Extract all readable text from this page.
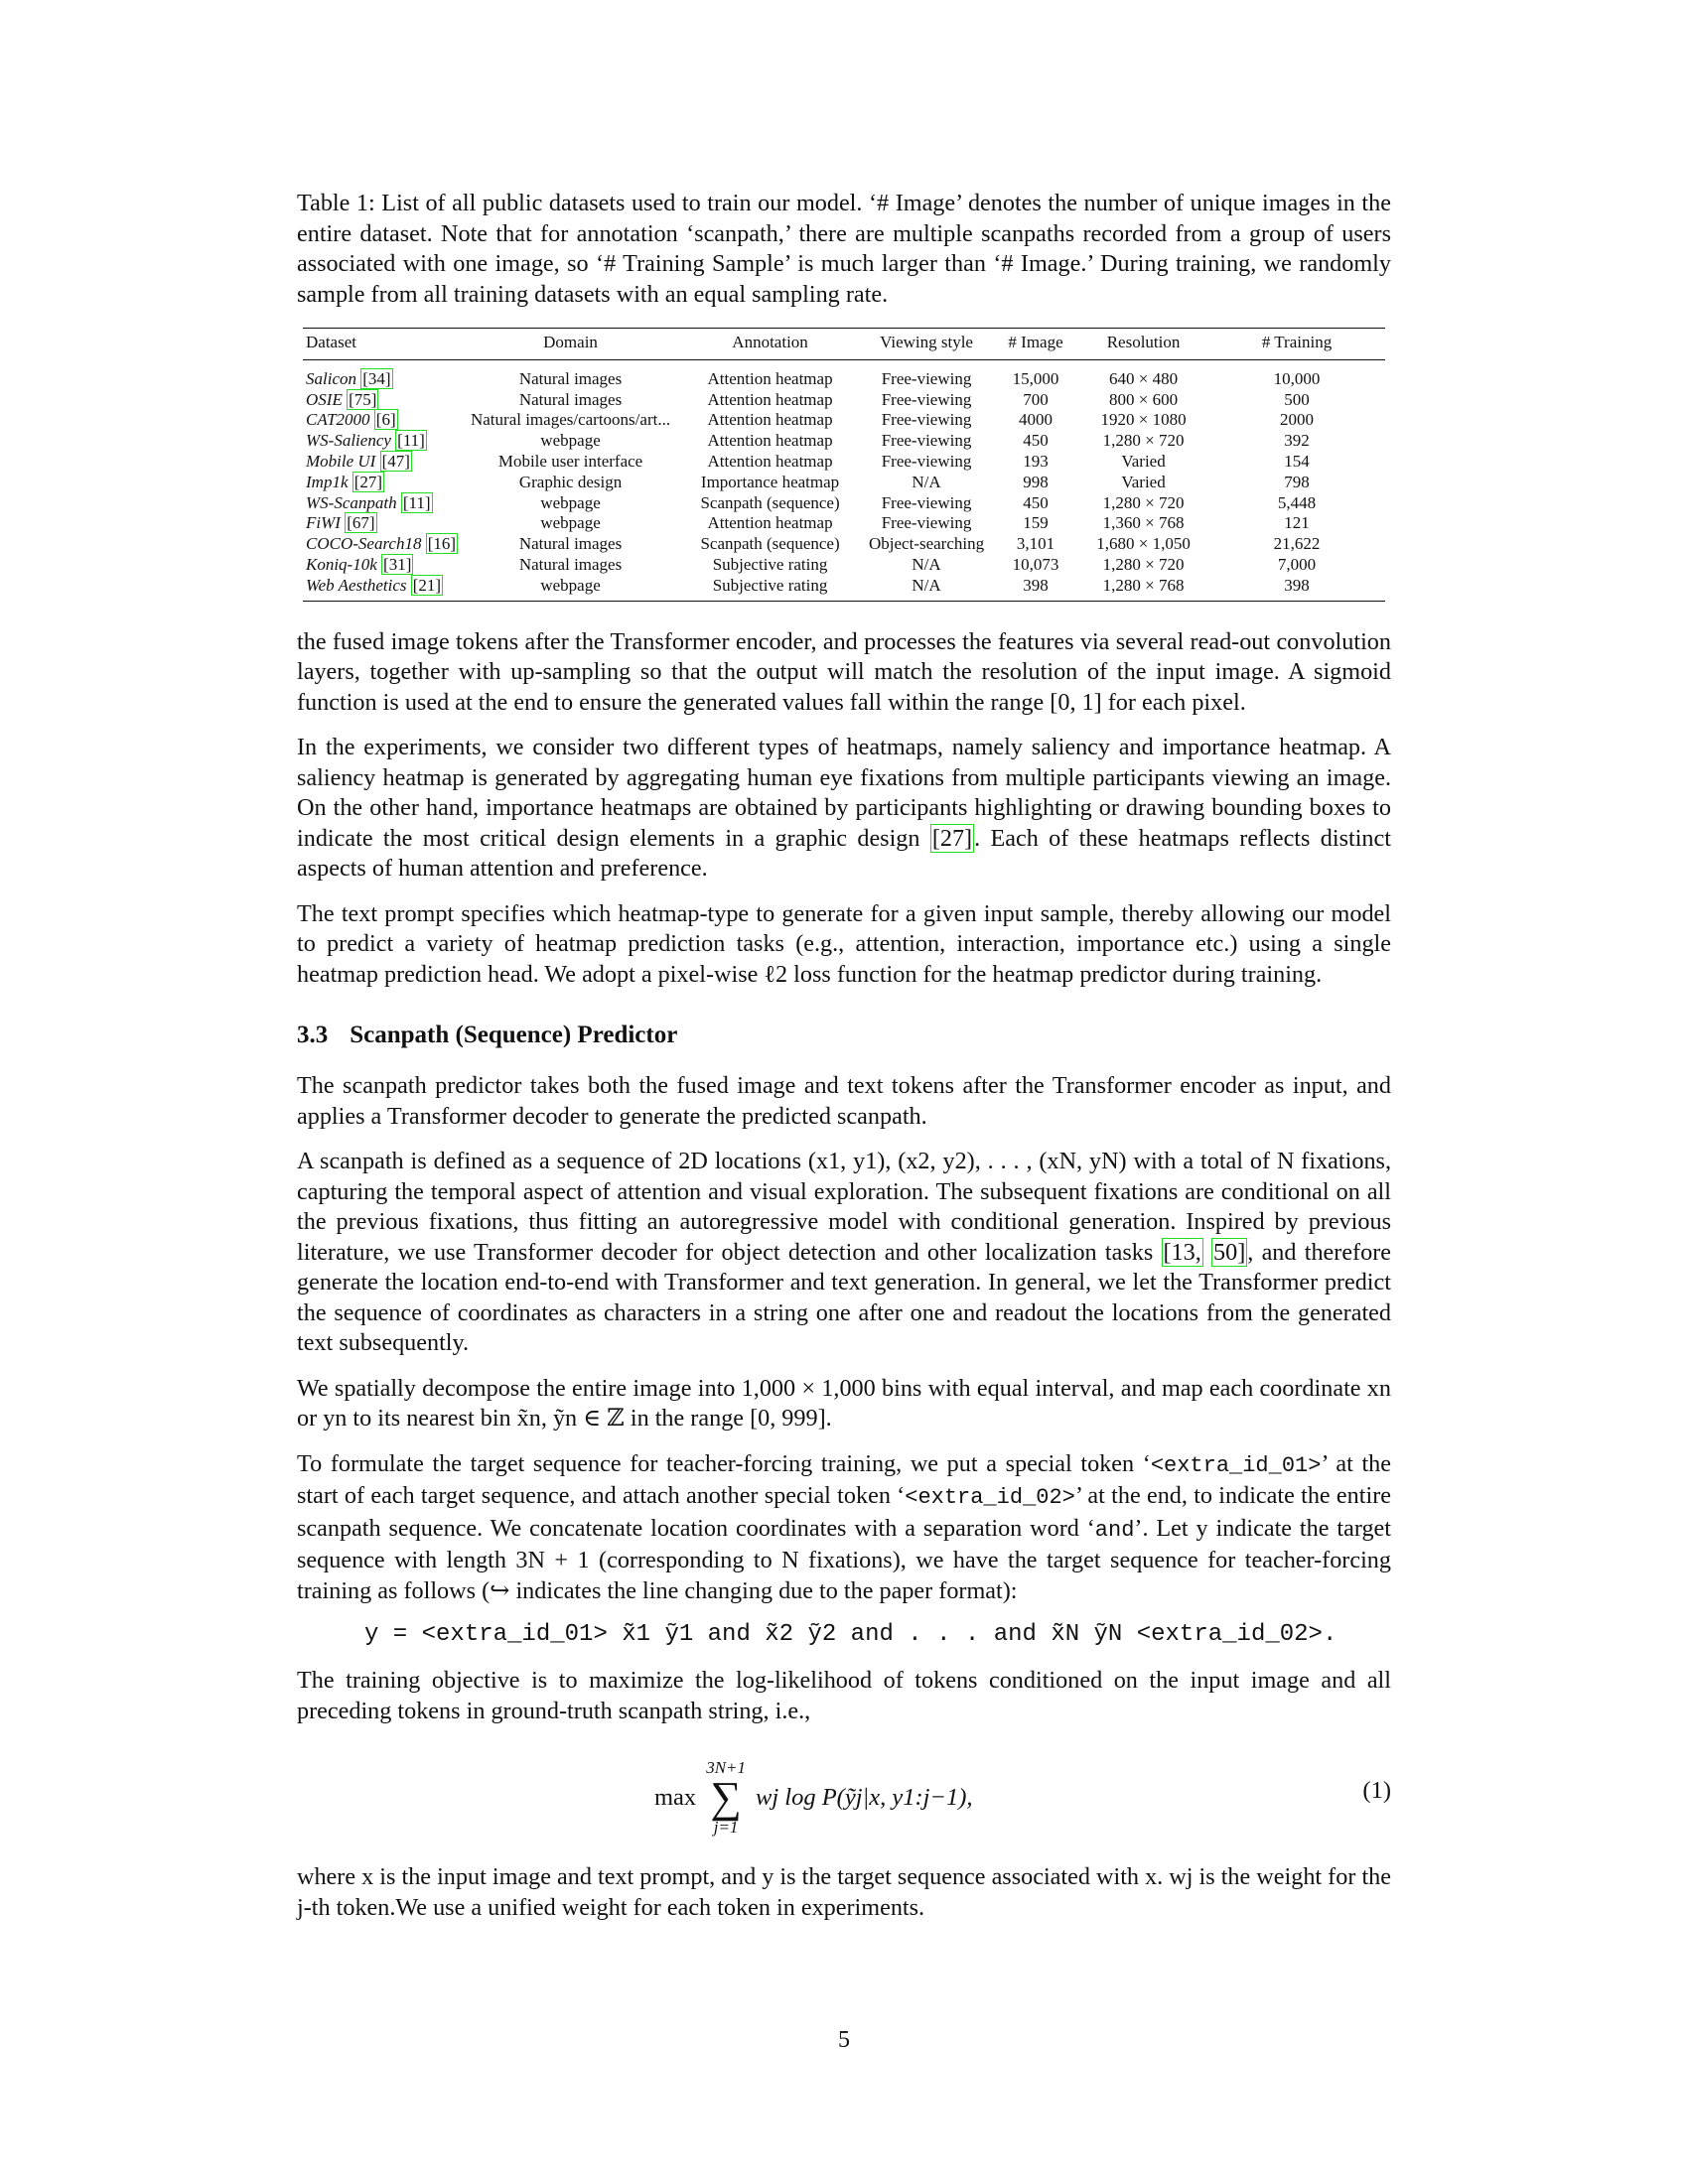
Table 1: List of all public datasets used to train our model. ‘# Image’ denotes the number of unique images in the entire dataset. Note that for annotation ‘scanpath,’ there are multiple scanpaths recorded from a group of users associated with one image, so ‘# Training Sample’ is much larger than ‘# Image.’ During training, we randomly sample from all training datasets with an equal sampling rate.

Dataset	Domain	Annotation	Viewing style	# Image	Resolution	# Training
Salicon [34]	Natural images	Attention heatmap	Free-viewing	15,000	640 × 480	10,000
OSIE [75]	Natural images	Attention heatmap	Free-viewing	700	800 × 600	500
CAT2000 [6]	Natural images/cartoons/art...	Attention heatmap	Free-viewing	4000	1920 × 1080	2000
WS-Saliency [11]	webpage	Attention heatmap	Free-viewing	450	1,280 × 720	392
Mobile UI [47]	Mobile user interface	Attention heatmap	Free-viewing	193	Varied	154
Imp1k [27]	Graphic design	Importance heatmap	N/A	998	Varied	798
WS-Scanpath [11]	webpage	Scanpath (sequence)	Free-viewing	450	1,280 × 720	5,448
FiWI [67]	webpage	Attention heatmap	Free-viewing	159	1,360 × 768	121
COCO-Search18 [16]	Natural images	Scanpath (sequence)	Object-searching	3,101	1,680 × 1,050	21,622
Koniq-10k [31]	Natural images	Subjective rating	N/A	10,073	1,280 × 720	7,000
Web Aesthetics [21]	webpage	Subjective rating	N/A	398	1,280 × 768	398

the fused image tokens after the Transformer encoder, and processes the features via several read-out convolution layers, together with up-sampling so that the output will match the resolution of the input image. A sigmoid function is used at the end to ensure the generated values fall within the range [0, 1] for each pixel.

In the experiments, we consider two different types of heatmaps, namely saliency and importance heatmap. A saliency heatmap is generated by aggregating human eye fixations from multiple participants viewing an image. On the other hand, importance heatmaps are obtained by participants highlighting or drawing bounding boxes to indicate the most critical design elements in a graphic design [27]. Each of these heatmaps reflects distinct aspects of human attention and preference.

The text prompt specifies which heatmap-type to generate for a given input sample, thereby allowing our model to predict a variety of heatmap prediction tasks (e.g., attention, interaction, importance etc.) using a single heatmap prediction head. We adopt a pixel-wise ℓ2 loss function for the heatmap predictor during training.

3.3 Scanpath (Sequence) Predictor

The scanpath predictor takes both the fused image and text tokens after the Transformer encoder as input, and applies a Transformer decoder to generate the predicted scanpath.

A scanpath is defined as a sequence of 2D locations (x1, y1), (x2, y2), . . . , (xN, yN) with a total of N fixations, capturing the temporal aspect of attention and visual exploration. The subsequent fixations are conditional on all the previous fixations, thus fitting an autoregressive model with conditional generation. Inspired by previous literature, we use Transformer decoder for object detection and other localization tasks [13, 50], and therefore generate the location end-to-end with Transformer and text generation. In general, we let the Transformer predict the sequence of coordinates as characters in a string one after one and readout the locations from the generated text subsequently.

We spatially decompose the entire image into 1,000 × 1,000 bins with equal interval, and map each coordinate xn or yn to its nearest bin x̃n, ỹn ∈ ℤ in the range [0, 999].

To formulate the target sequence for teacher-forcing training, we put a special token ‘<extra_id_01>’ at the start of each target sequence, and attach another special token ‘<extra_id_02>’ at the end, to indicate the entire scanpath sequence. We concatenate location coordinates with a separation word ‘and’. Let y indicate the target sequence with length 3N + 1 (corresponding to N fixations), we have the target sequence for teacher-forcing training as follows (↪ indicates the line changing due to the paper format):

y = <extra_id_01> x̃1 ỹ1 and x̃2 ỹ2 and . . . and x̃N ỹN <extra_id_02>.

The training objective is to maximize the log-likelihood of tokens conditioned on the input image and all preceding tokens in ground-truth scanpath string, i.e.,

max
3N+1
∑
j=1
wj log P(ỹj|x, y1:j−1),	(1)

where x is the input image and text prompt, and y is the target sequence associated with x. wj is the weight for the j-th token.We use a unified weight for each token in experiments.

5
